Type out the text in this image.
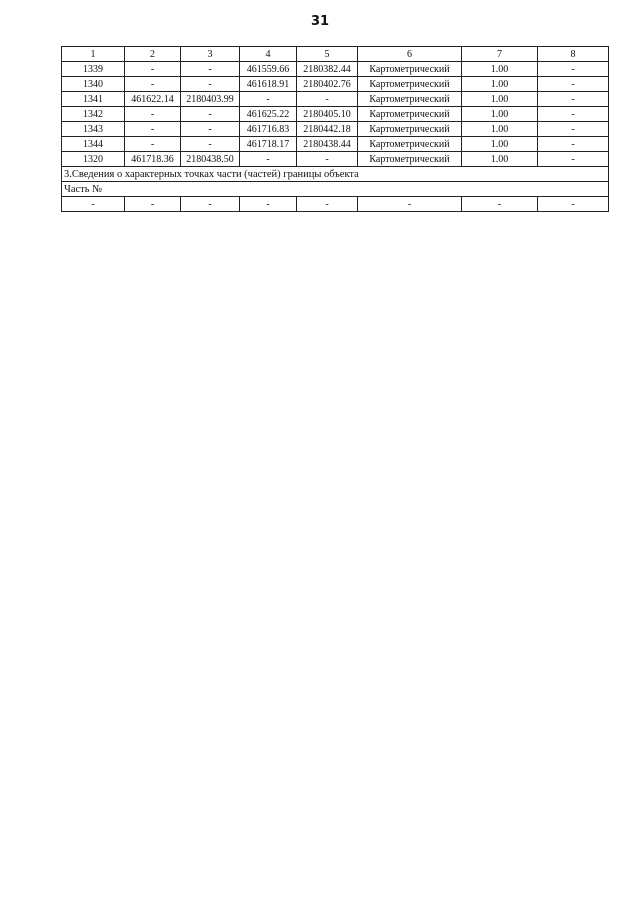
31
1	2	3	4	5	6	7	8
1339	-	-	461559.66	2180382.44	Картометрический	1.00	-
1340	-	-	461618.91	2180402.76	Картометрический	1.00	-
1341	461622.14	2180403.99	-	-	Картометрический	1.00	-
1342	-	-	461625.22	2180405.10	Картометрический	1.00	-
1343	-	-	461716.83	2180442.18	Картометрический	1.00	-
1344	-	-	461718.17	2180438.44	Картометрический	1.00	-
1320	461718.36	2180438.50	-	-	Картометрический	1.00	-
3.Сведения о характерных точках части (частей) границы объекта							
Часть №							
-	-	-	-	-	-	-	-
